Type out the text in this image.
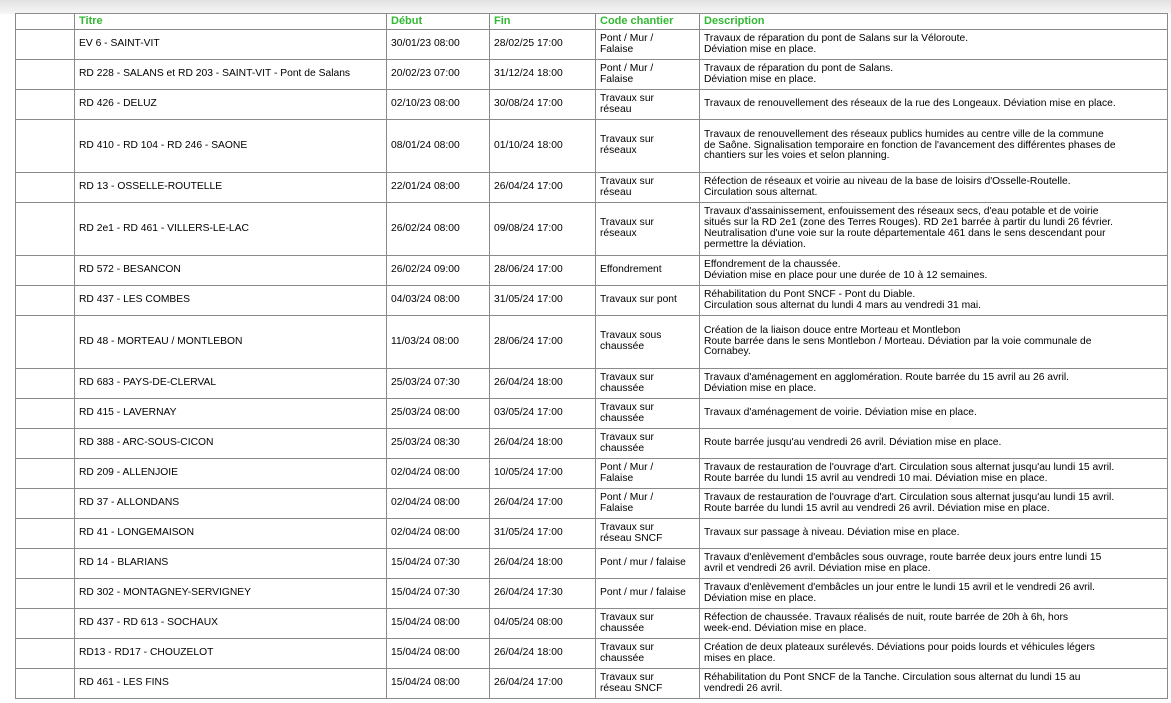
	Titre	Début	Fin	Code chantier	Description
	EV 6 - SAINT-VIT	30/01/23 08:00	28/02/25 17:00	Pont / Mur /
Falaise	Travaux de réparation du pont de Salans sur la Véloroute.
Déviation mise en place.
	RD 228 - SALANS et RD 203 - SAINT-VIT - Pont de Salans	20/02/23 07:00	31/12/24 18:00	Pont / Mur /
Falaise	Travaux de réparation du pont de Salans.
Déviation mise en place.
	RD 426 - DELUZ	02/10/23 08:00	30/08/24 17:00	Travaux sur
réseau	Travaux de renouvellement des réseaux de la rue des Longeaux. Déviation mise en place.
	RD 410 - RD 104 - RD 246 - SAONE	08/01/24 08:00	01/10/24 18:00	Travaux sur
réseaux	Travaux de renouvellement des réseaux publics humides au centre ville de la commune
de Saône. Signalisation temporaire en fonction de l'avancement des différentes phases de
chantiers sur les voies et selon planning.
	RD 13 - OSSELLE-ROUTELLE	22/01/24 08:00	26/04/24 17:00	Travaux sur
réseau	Réfection de réseaux et voirie au niveau de la base de loisirs d'Osselle-Routelle.
Circulation sous alternat.
	RD 2e1 - RD 461 - VILLERS-LE-LAC	26/02/24 08:00	09/08/24 17:00	Travaux sur
réseaux	Travaux d'assainissement, enfouissement des réseaux secs, d'eau potable et de voirie
situés sur la RD 2e1 (zone des Terres Rouges). RD 2e1 barrée à partir du lundi 26 février.
Neutralisation d'une voie sur la route départementale 461 dans le sens descendant pour
permettre la déviation.
	RD 572 - BESANCON	26/02/24 09:00	28/06/24 17:00	Effondrement	Effondrement de la chaussée.
Déviation mise en place pour une durée de 10 à 12 semaines.
	RD 437 - LES COMBES	04/03/24 08:00	31/05/24 17:00	Travaux sur pont	Réhabilitation du Pont SNCF - Pont du Diable.
Circulation sous alternat du lundi 4 mars au vendredi 31 mai.
	RD 48 - MORTEAU / MONTLEBON	11/03/24 08:00	28/06/24 17:00	Travaux sous
chaussée	Création de la liaison douce entre Morteau et Montlebon
Route barrée dans le sens Montlebon / Morteau. Déviation par la voie communale de
Cornabey.
	RD 683 - PAYS-DE-CLERVAL	25/03/24 07:30	26/04/24 18:00	Travaux sur
chaussée	Travaux d'aménagement en agglomération. Route barrée du 15 avril au 26 avril.
Déviation mise en place.
	RD 415 - LAVERNAY	25/03/24 08:00	03/05/24 17:00	Travaux sur
chaussée	Travaux d'aménagement de voirie. Déviation mise en place.
	RD 388 - ARC-SOUS-CICON	25/03/24 08:30	26/04/24 18:00	Travaux sur
chaussée	Route barrée jusqu'au vendredi 26 avril. Déviation mise en place.
	RD 209 - ALLENJOIE	02/04/24 08:00	10/05/24 17:00	Pont / Mur /
Falaise	Travaux de restauration de l'ouvrage d'art. Circulation sous alternat jusqu'au lundi 15 avril.
Route barrée du lundi 15 avril au vendredi 10 mai. Déviation mise en place.
	RD 37 - ALLONDANS	02/04/24 08:00	26/04/24 17:00	Pont / Mur /
Falaise	Travaux de restauration de l'ouvrage d'art. Circulation sous alternat jusqu'au lundi 15 avril.
Route barrée du lundi 15 avril au vendredi 26 avril. Déviation mise en place.
	RD 41 - LONGEMAISON	02/04/24 08:00	31/05/24 17:00	Travaux sur
réseau SNCF	Travaux sur passage à niveau. Déviation mise en place.
	RD 14 - BLARIANS	15/04/24 07:30	26/04/24 18:00	Pont / mur / falaise	Travaux d'enlèvement d'embâcles sous ouvrage, route barrée deux jours entre lundi 15
avril et vendredi 26 avril. Déviation mise en place.
	RD 302 - MONTAGNEY-SERVIGNEY	15/04/24 07:30	26/04/24 17:30	Pont / mur / falaise	Travaux d'enlèvement d'embâcles un jour entre le lundi 15 avril et le vendredi 26 avril.
Déviation mise en place.
	RD 437 - RD 613 - SOCHAUX	15/04/24 08:00	04/05/24 08:00	Travaux sur
chaussée	Réfection de chaussée. Travaux réalisés de nuit, route barrée de 20h à 6h, hors
week-end. Déviation mise en place.
	RD13 - RD17 - CHOUZELOT	15/04/24 08:00	26/04/24 18:00	Travaux sur
chaussée	Création de deux plateaux surélevés. Déviations pour poids lourds et véhicules légers
mises en place.
	RD 461 - LES FINS	15/04/24 08:00	26/04/24 17:00	Travaux sur
réseau SNCF	Réhabilitation du Pont SNCF de la Tanche. Circulation sous alternat du lundi 15 au
vendredi 26 avril.
